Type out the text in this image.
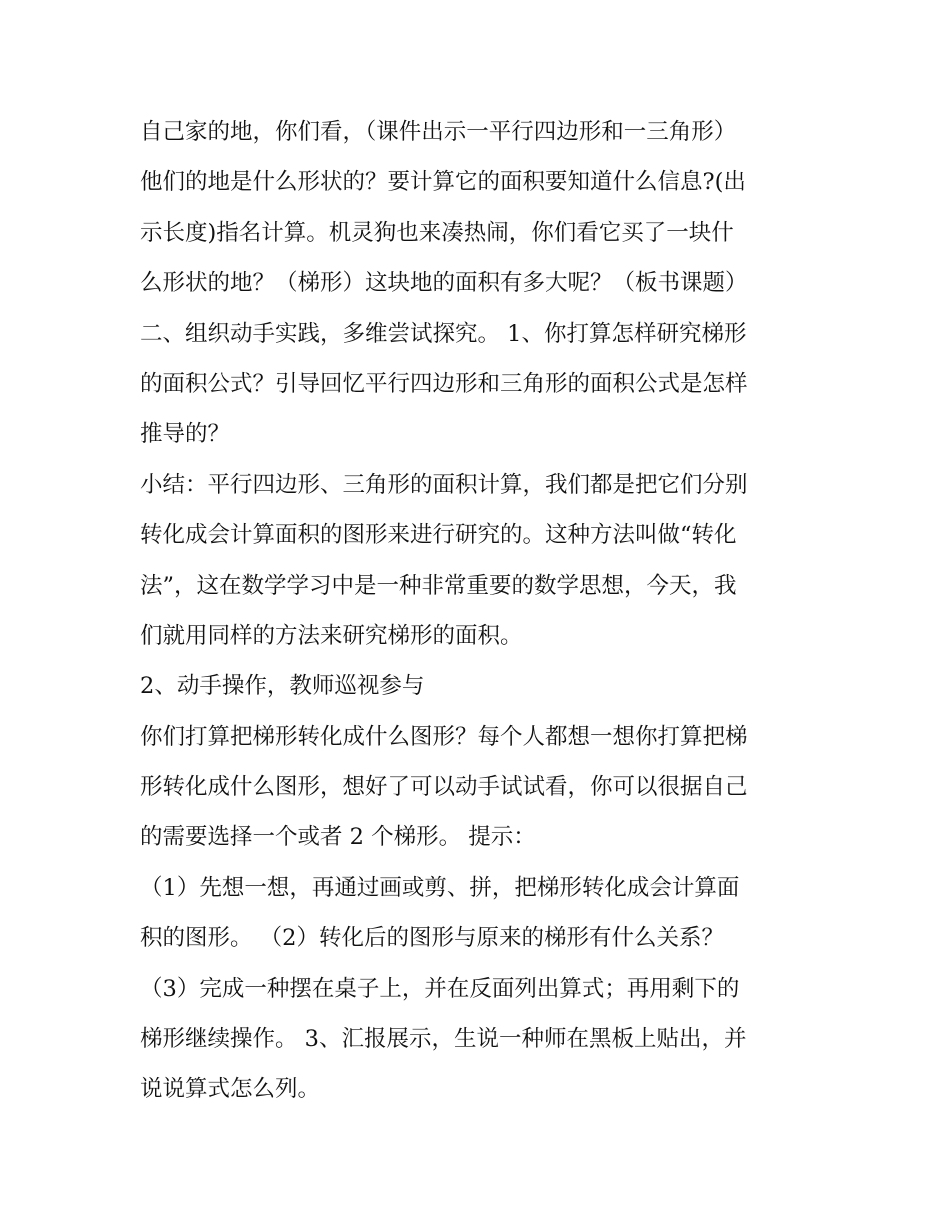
自己家的地，你们看，（课件出示一平行四边形和一三角形）
他们的地是什么形状的？要计算它的面积要知道什么信息?(出
示长度)指名计算。机灵狗也来凑热闹，你们看它买了一块什
么形状的地？（梯形）这块地的面积有多大呢？（板书课题）
二、组织动手实践，多维尝试探究。 1、你打算怎样研究梯形
的面积公式？引导回忆平行四边形和三角形的面积公式是怎样
推导的？
小结：平行四边形、三角形的面积计算，我们都是把它们分别
转化成会计算面积的图形来进行研究的。这种方法叫做“转化
法”，这在数学学习中是一种非常重要的数学思想，今天，我
们就用同样的方法来研究梯形的面积。
2、动手操作，教师巡视参与
你们打算把梯形转化成什么图形？每个人都想一想你打算把梯
形转化成什么图形，想好了可以动手试试看，你可以很据自己
的需要选择一个或者 2 个梯形。 提示：
（1）先想一想，再通过画或剪、拼，把梯形转化成会计算面
积的图形。 （2）转化后的图形与原来的梯形有什么关系？
（3）完成一种摆在桌子上，并在反面列出算式；再用剩下的
梯形继续操作。 3、汇报展示，生说一种师在黑板上贴出，并
说说算式怎么列。
